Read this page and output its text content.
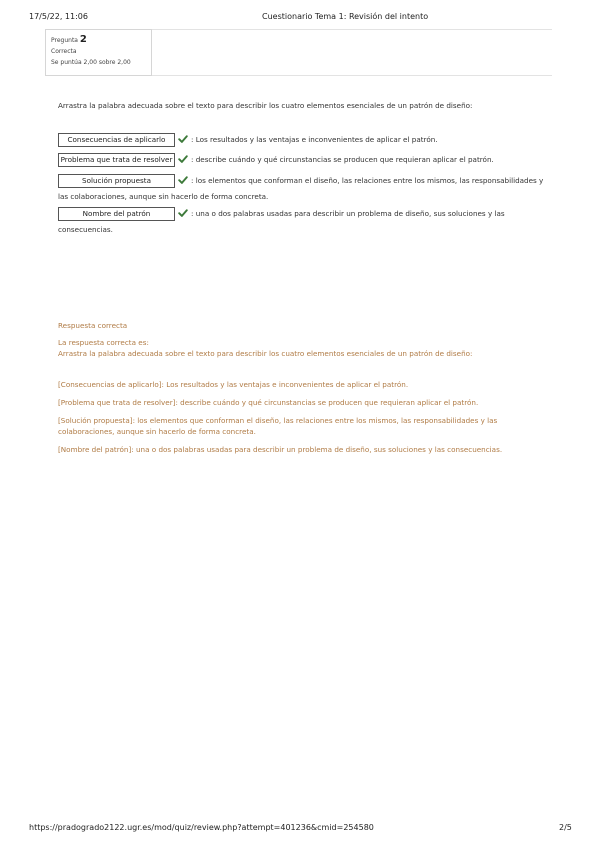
17/5/22, 11:06	Cuestionario Tema 1: Revisión del intento
Pregunta 2
Correcta
Se puntúa 2,00 sobre 2,00
Arrastra la palabra adecuada sobre el texto para describir los cuatro elementos esenciales de un patrón de diseño:
Consecuencias de aplicarlo	: Los resultados y las ventajas e inconvenientes de aplicar el patrón.
Problema que trata de resolver	: describe cuándo y qué circunstancias se producen que requieran aplicar el patrón.
Solución propuesta	: los elementos que conforman el diseño, las relaciones entre los mismos, las responsabilidades y
las colaboraciones, aunque sin hacerlo de forma concreta.
Nombre del patrón	: una o dos palabras usadas para describir un problema de diseño, sus soluciones y las
consecuencias.
Respuesta correcta
La respuesta correcta es:
Arrastra la palabra adecuada sobre el texto para describir los cuatro elementos esenciales de un patrón de diseño:
[Consecuencias de aplicarlo]: Los resultados y las ventajas e inconvenientes de aplicar el patrón.
[Problema que trata de resolver]: describe cuándo y qué circunstancias se producen que requieran aplicar el patrón.
[Solución propuesta]: los elementos que conforman el diseño, las relaciones entre los mismos, las responsabilidades y las
colaboraciones, aunque sin hacerlo de forma concreta.
[Nombre del patrón]: una o dos palabras usadas para describir un problema de diseño, sus soluciones y las consecuencias.
https://pradogrado2122.ugr.es/mod/quiz/review.php?attempt=401236&cmid=254580	2/5
